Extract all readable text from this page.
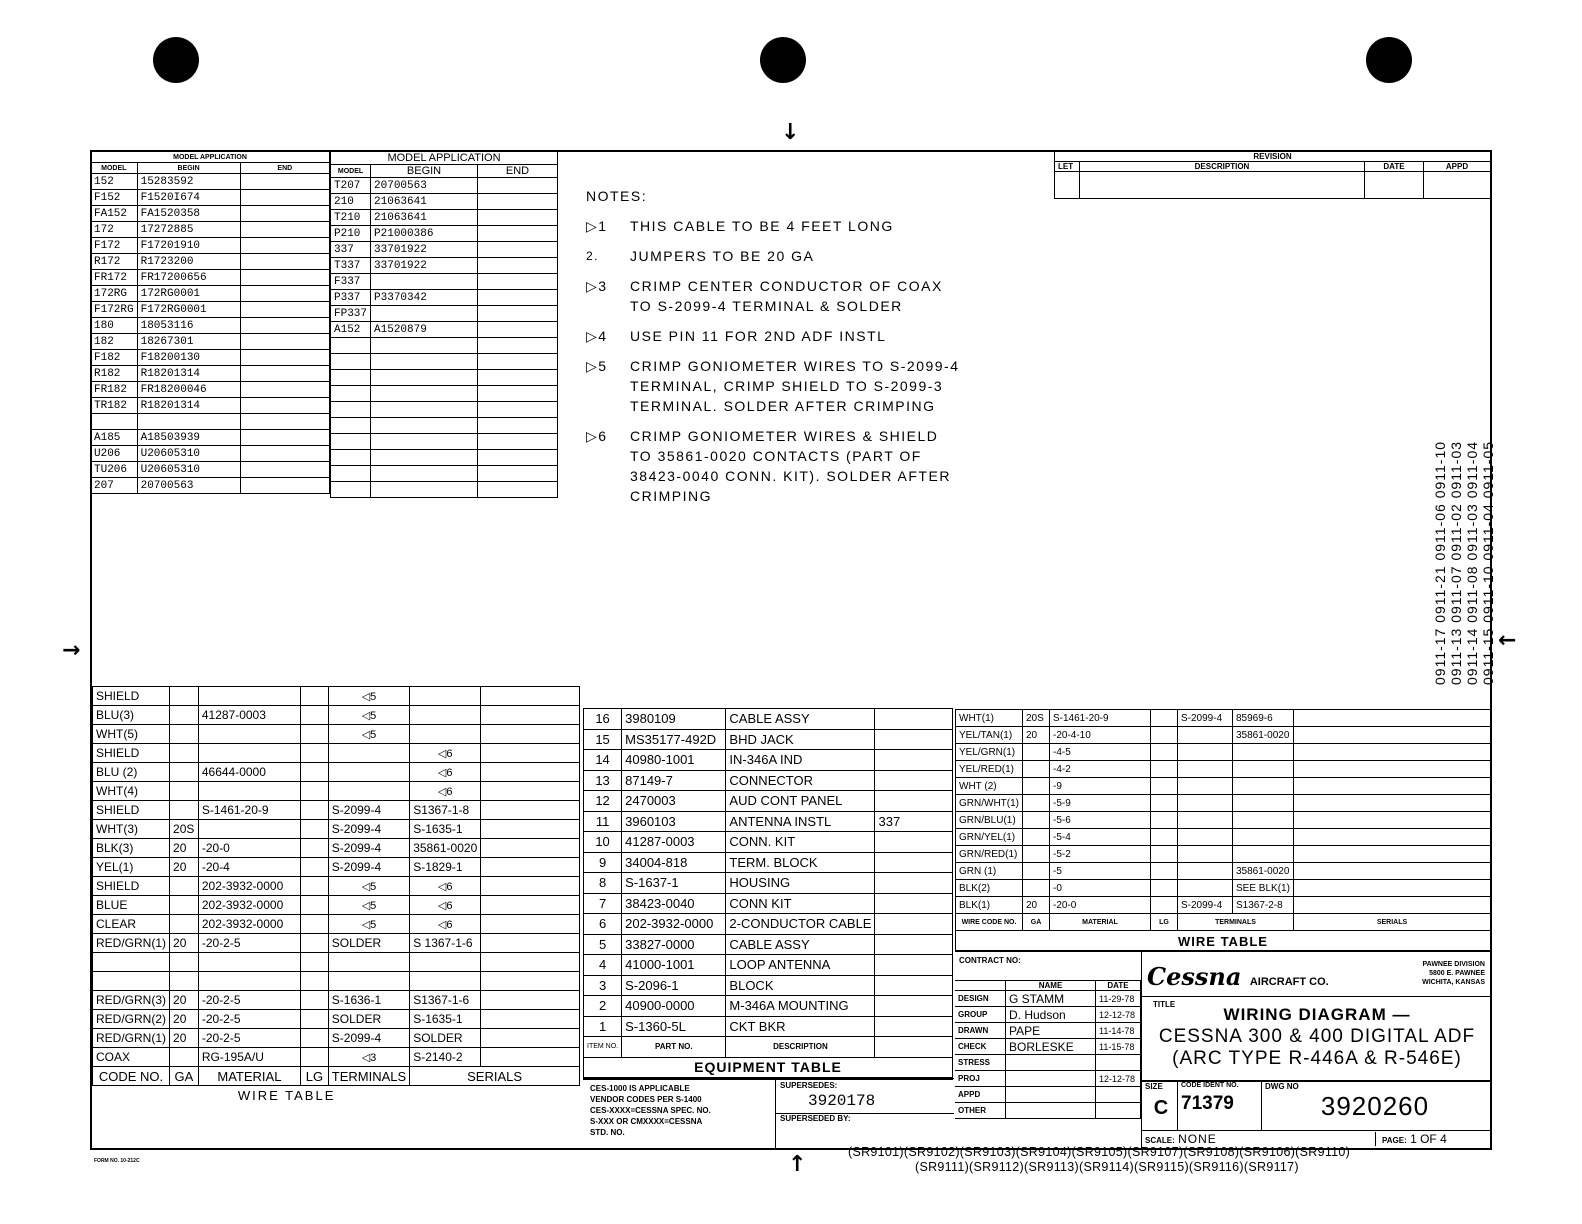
↓
→	←
↑
MODEL APPLICATION		
MODEL	BEGIN	END
152	15283592	
F152	F1520I674	
FA152	FA1520358	
172	17272885	
F172	F17201910	
R172	R1723200	
FR172	FR17200656	
172RG	172RG0001	
F172RG	F172RG0001	
180	18053116	
182	18267301	
F182	F18200130	
R182	R18201314	
FR182	FR18200046	
TR182	R18201314	

A185	A18503939	
U206	U20605310	
TU206	U20605310	
207	20700563	
MODEL APPLICATION		
MODEL	BEGIN	END
T207	20700563	
210	21063641	
T210	21063641	
P210	P21000386	
337	33701922	
T337	33701922	
F337		
P337	P3370342	
FP337		
A152	A1520879	

REVISION			
LET	DESCRIPTION	DATE	APPD

NOTES:
▷1	THIS CABLE TO BE 4 FEET LONG
2.	JUMPERS TO BE 20 GA
▷3	CRIMP CENTER CONDUCTOR OF COAX
TO S-2099-4 TERMINAL & SOLDER
▷4	USE PIN 11 FOR 2ND ADF INSTL
▷5	CRIMP GONIOMETER WIRES TO S-2099-4
TERMINAL, CRIMP SHIELD TO S-2099-3
TERMINAL. SOLDER AFTER CRIMPING
▷6	CRIMP GONIOMETER WIRES & SHIELD
TO 35861-0020 CONTACTS (PART OF
38423-0040 CONN. KIT). SOLDER AFTER
CRIMPING	0911-17 0911-21 0911-06 0911-10 0911-13 0911-07 0911-02 0911-03 0911-14 0911-08 0911-03 0911-04 0911-15 0911-10 0911-04 0911-05
SHIELD				◁5		
BLU(3)		41287-0003		◁5		
WHT(5)				◁5		
SHIELD					◁6	
BLU (2)		46644-0000			◁6	
WHT(4)					◁6	
SHIELD		S-1461-20-9		S-2099-4	S1367-1-8	
WHT(3)	20S			S-2099-4	S-1635-1	
BLK(3)	20	-20-0		S-2099-4	35861-0020	
YEL(1)	20	-20-4		S-2099-4	S-1829-1	
SHIELD		202-3932-0000		◁5	◁6	
BLUE		202-3932-0000		◁5	◁6	
CLEAR		202-3932-0000		◁5	◁6	
RED/GRN(1)	20	-20-2-5		SOLDER	S 1367-1-6	

RED/GRN(3)	20	-20-2-5		S-1636-1	S1367-1-6	
RED/GRN(2)	20	-20-2-5		SOLDER	S-1635-1	
RED/GRN(1)	20	-20-2-5		S-2099-4	SOLDER	
COAX		RG-195A/U		◁3	S-2140-2	
CODE NO.	GA	MATERIAL	LG	TERMINALS	SERIALS	
WIRE TABLE						
16	3980109	CABLE ASSY	
15	MS35177-492D	BHD JACK	
14	40980-1001	IN-346A IND	
13	87149-7	CONNECTOR	
12	2470003	AUD CONT PANEL	
11	3960103	ANTENNA INSTL	337
10	41287-0003	CONN. KIT	
9	34004-818	TERM. BLOCK	
8	S-1637-1	HOUSING	
7	38423-0040	CONN KIT	
6	202-3932-0000	2-CONDUCTOR CABLE	
5	33827-0000	CABLE ASSY	
4	41000-1001	LOOP ANTENNA	
3	S-2096-1	BLOCK	
2	40900-0000	M-346A MOUNTING	
1	S-1360-5L	CKT BKR	
ITEM NO.	PART NO.	DESCRIPTION	
EQUIPMENT TABLE			
CES-1000 IS APPLICABLE
VENDOR CODES PER S-1400
CES-XXXX=CESSNA SPEC. NO.
S-XXX OR CMXXXX=CESSNA
STD. NO.
SUPERSEDES:
3920178
SUPERSEDED BY:
WHT(1)	20S	S-1461-20-9		S-2099-4	85969-6	
YEL/TAN(1)	20	-20-4-10			35861-0020	
YEL/GRN(1)		-4-5				
YEL/RED(1)		-4-2				
WHT (2)		-9				
GRN/WHT(1)		-5-9				
GRN/BLU(1)		-5-6				
GRN/YEL(1)		-5-4				
GRN/RED(1)		-5-2				
GRN (1)		-5			35861-0020	
BLK(2)		-0			SEE BLK(1)	
BLK(1)	20	-20-0		S-2099-4	S1367-2-8	
WIRE CODE NO.	GA	MATERIAL	LG	TERMINALS		SERIALS
WIRE TABLE						
CONTRACT NO:
	NAME	DATE
DESIGN	G STAMM	11-29-78
GROUP	D. Hudson	12-12-78
DRAWN	PAPE	11-14-78
CHECK	BORLESKE	11-15-78
STRESS		
PROJ		12-12-78
APPD		
OTHER		
Cessna AIRCRAFT CO.
PAWNEE DIVISION
5800 E. PAWNEE
WICHITA, KANSAS
TITLE
WIRING DIAGRAM —
CESSNA 300 & 400 DIGITAL ADF
(ARC TYPE R-446A & R-546E)
SIZE
C
CODE IDENT NO.
71379
DWG NO
3920260
SCALE: NONE	PAGE: 1 OF 4
(SR9101)(SR9102)(SR9103)(SR9104)(SR9105)(SR9107)(SR9108)(SR9106)(SR9110)
(SR9111)(SR9112)(SR9113)(SR9114)(SR9115)(SR9116)(SR9117)
FORM NO. 10-212C
